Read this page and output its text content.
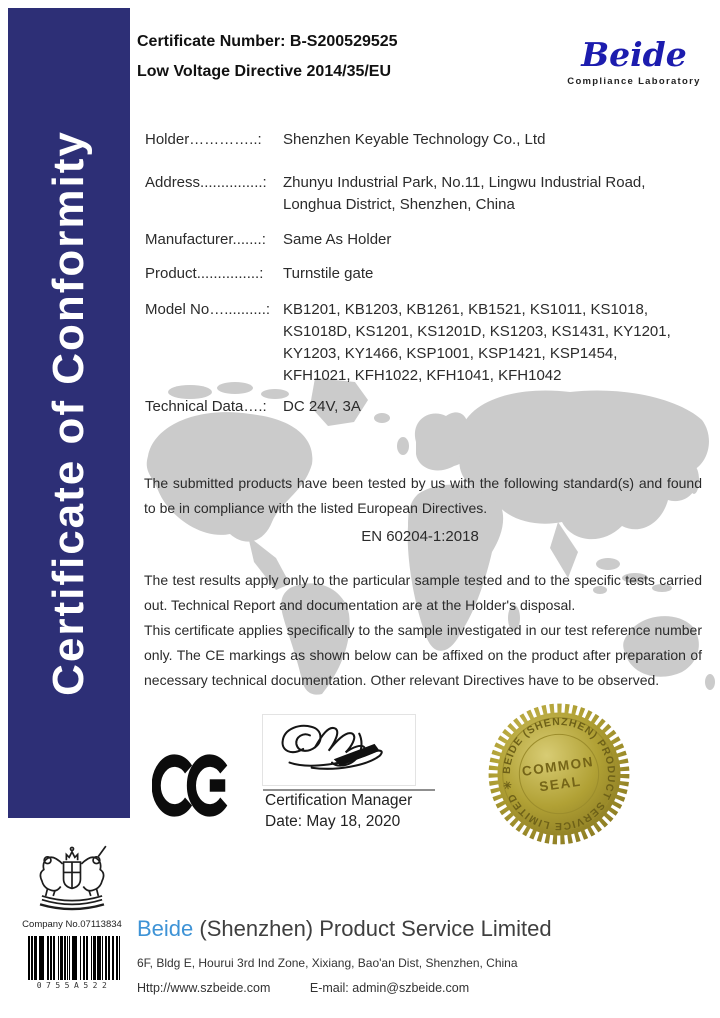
Certificate of Conformity
Certificate Number: B-S200529525
Low Voltage Directive 2014/35/EU	Beide
Compliance Laboratory
Holder…………..:	Shenzhen Keyable Technology Co., Ltd
Address...............:	Zhunyu Industrial Park, No.11, Lingwu Industrial Road, Longhua District, Shenzhen, China
Manufacturer.......:	Same As Holder
Product...............:	Turnstile gate
Model No…..........: KB1201, KB1203, KB1261, KB1521, KS1011, KS1018, KS1018D, KS1201, KS1201D, KS1203, KS1431, KY1201, KY1203, KY1466, KSP1001, KSP1421, KSP1454, KFH1021, KFH1022, KFH1041, KFH1042
Technical Data….:	DC 24V, 3A
The submitted products have been tested by us with the following standard(s) and found to be in compliance with the listed European Directives.
EN 60204-1:2018
The test results apply only to the particular sample tested and to the specific tests carried out. Technical Report and documentation are at the Holder's disposal.
This certificate applies specifically to the sample investigated in our test reference number only. The CE markings as shown below can be affixed on the product after preparation of necessary technical documentation. Other relevant Directives have to be observed.
Certification Manager
Date: May 18, 2020
BEIDE (SHENZHEN) PRODUCT SERVICE LIMITED ✳
COMMON
SEAL
Company No.07113834
0755A522
Beide (Shenzhen) Product Service Limited
6F, Bldg E, Hourui 3rd Ind Zone, Xixiang, Bao'an Dist, Shenzhen, China
Http://www.szbeide.com	E-mail: admin@szbeide.com
